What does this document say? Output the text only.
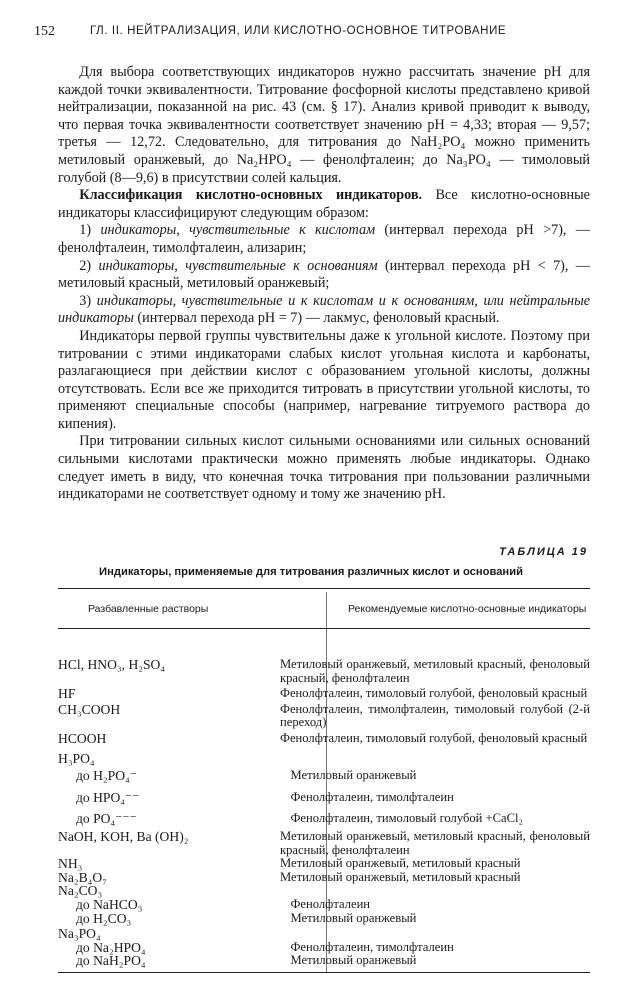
152	ГЛ. II. НЕЙТРАЛИЗАЦИЯ, ИЛИ КИСЛОТНО-ОСНОВНОЕ ТИТРОВАНИЕ

Для выбора соответствующих индикаторов нужно рассчитать значение pH для каждой точки эквивалентности. Титрование фосфорной кислоты представлено кривой нейтрализации, показанной на рис. 43 (см. § 17). Анализ кривой приводит к выводу, что первая точка эквивалентности соответствует значению pH = 4,33; вторая — 9,57; третья — 12,72. Следовательно, для титрования до NaH₂PO₄ можно применить метиловый оранжевый, до Na₂HPO₄ — фенолфталеин; до Na₃PO₄ — тимоловый голубой (8—9,6) в присутствии солей кальция.

Классификация кислотно-основных индикаторов. Все кислотно-основные индикаторы классифицируют следующим образом:

1) индикаторы, чувствительные к кислотам (интервал перехода pH >7), — фенолфталеин, тимолфталеин, ализарин;

2) индикаторы, чувствительные к основаниям (интервал перехода pH < 7), — метиловый красный, метиловый оранжевый;

3) индикаторы, чувствительные и к кислотам и к основаниям, или нейтральные индикаторы (интервал перехода pH = 7) — лакмус, феноловый красный.

Индикаторы первой группы чувствительны даже к угольной кислоте. Поэтому при титровании с этими индикаторами слабых кислот угольная кислота и карбонаты, разлагающиеся при действии кислот с образованием угольной кислоты, должны отсутствовать. Если все же приходится титровать в присутствии угольной кислоты, то применяют специальные способы (например, нагревание титруемого раствора до кипения).

При титровании сильных кислот сильными основаниями или сильных оснований сильными кислотами практически можно применять любые индикаторы. Однако следует иметь в виду, что конечная точка титрования при пользовании различными индикаторами не соответствует одному и тому же значению pH.

ТАБЛИЦА 19
Индикаторы, применяемые для титрования различных кислот и оснований
Разбавленные растворы	Рекомендуемые кислотно-основные индикаторы
HCl, HNO₃, H₂SO₄	Метиловый оранжевый, метиловый красный, феноловый красный, фенолфталеин
HF	Фенолфталеин, тимоловый голубой, феноловый красный
CH₃COOH	Фенолфталеин, тимолфталеин, тимоловый голубой (2-й переход)
HCOOH	Фенолфталеин, тимоловый голубой, феноловый красный
H₃PO₄
до H₂PO₄⁻	Метиловый оранжевый
до HPO₄⁻⁻	Фенолфталеин, тимолфталеин
до PO₄⁻⁻⁻	Фенолфталеин, тимоловый голубой +CaCl₂
NaOH, KOH, Ba (OH)₂	Метиловый оранжевый, метиловый красный, феноловый красный, фенолфталеин
NH₃	Метиловый оранжевый, метиловый красный
Na₂B₄O₇	Метиловый оранжевый, метиловый красный
Na₂CO₃
до NaHCO₃	Фенолфталеин
до H₂CO₃	Метиловый оранжевый
Na₃PO₄
до Na₂HPO₄	Фенолфталеин, тимолфталеин
до NaH₂PO₄	Метиловый оранжевый
